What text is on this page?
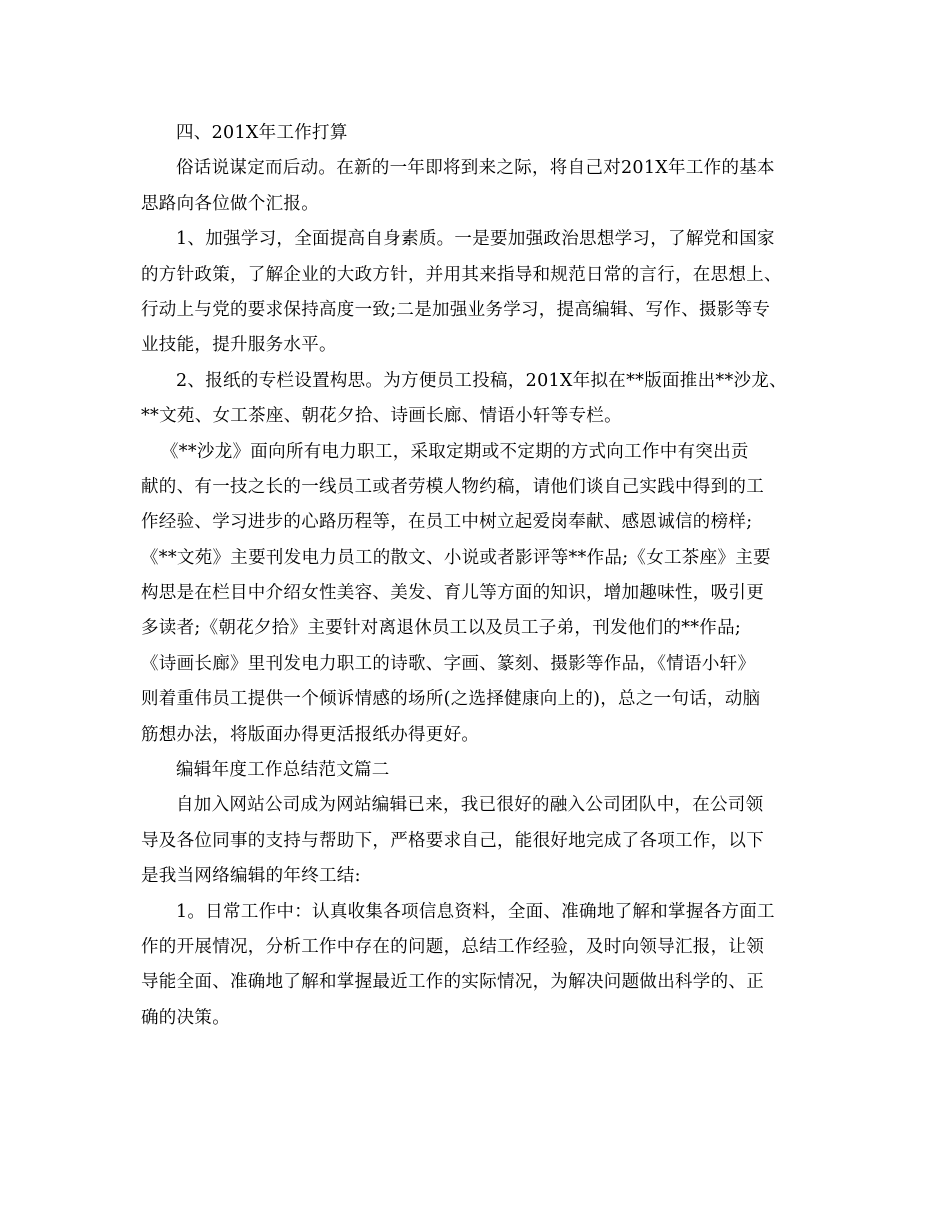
四、201X年工作打算
俗话说谋定而后动。在新的一年即将到来之际，将自己对201X年工作的基本
思路向各位做个汇报。
1、加强学习，全面提高自身素质。一是要加强政治思想学习，了解党和国家
的方针政策，了解企业的大政方针，并用其来指导和规范日常的言行，在思想上、
行动上与党的要求保持高度一致;二是加强业务学习，提高编辑、写作、摄影等专
业技能，提升服务水平。
2、报纸的专栏设置构思。为方便员工投稿，201X年拟在**版面推出**沙龙、
**文苑、女工茶座、朝花夕拾、诗画长廊、情语小轩等专栏。
《**沙龙》面向所有电力职工，采取定期或不定期的方式向工作中有突出贡
献的、有一技之长的一线员工或者劳模人物约稿，请他们谈自己实践中得到的工
作经验、学习进步的心路历程等，在员工中树立起爱岗奉献、感恩诚信的榜样;
《**文苑》主要刊发电力员工的散文、小说或者影评等**作品;《女工茶座》主要
构思是在栏目中介绍女性美容、美发、育儿等方面的知识，增加趣味性，吸引更
多读者;《朝花夕拾》主要针对离退休员工以及员工子弟，刊发他们的**作品;
《诗画长廊》里刊发电力职工的诗歌、字画、篆刻、摄影等作品，《情语小轩》
则着重伟员工提供一个倾诉情感的场所(之选择健康向上的)，总之一句话，动脑
筋想办法，将版面办得更活报纸办得更好。
编辑年度工作总结范文篇二
自加入网站公司成为网站编辑已来，我已很好的融入公司团队中，在公司领
导及各位同事的支持与帮助下，严格要求自己，能很好地完成了各项工作，以下
是我当网络编辑的年终工结:
1。日常工作中：认真收集各项信息资料，全面、准确地了解和掌握各方面工
作的开展情况，分析工作中存在的问题，总结工作经验，及时向领导汇报，让领
导能全面、准确地了解和掌握最近工作的实际情况，为解决问题做出科学的、正
确的决策。
